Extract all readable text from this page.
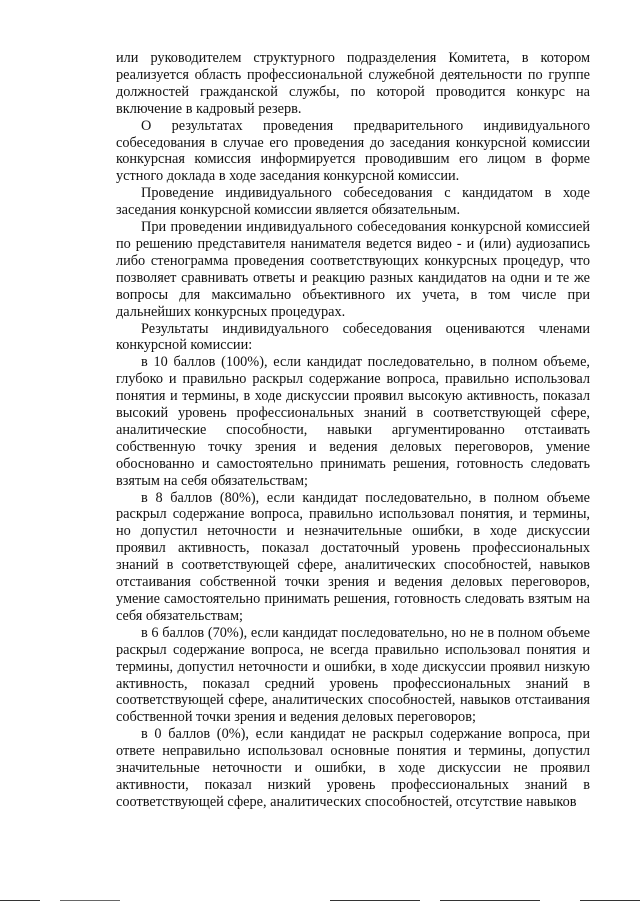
или руководителем структурного подразделения Комитета, в котором реализуется область профессиональной служебной деятельности по группе должностей гражданской службы, по которой проводится конкурс на включение в кадровый резерв.

О результатах проведения предварительного индивидуального собеседования в случае его проведения до заседания конкурсной комиссии конкурсная комиссия информируется проводившим его лицом в форме устного доклада в ходе заседания конкурсной комиссии.

Проведение индивидуального собеседования с кандидатом в ходе заседания конкурсной комиссии является обязательным.

При проведении индивидуального собеседования конкурсной комиссией по решению представителя нанимателя ведется видео - и (или) аудиозапись либо стенограмма проведения соответствующих конкурсных процедур, что позволяет сравнивать ответы и реакцию разных кандидатов на одни и те же вопросы для максимально объективного их учета, в том числе при дальнейших конкурсных процедурах.

Результаты индивидуального собеседования оцениваются членами конкурсной комиссии:

в 10 баллов (100%), если кандидат последовательно, в полном объеме, глубоко и правильно раскрыл содержание вопроса, правильно использовал понятия и термины, в ходе дискуссии проявил высокую активность, показал высокий уровень профессиональных знаний в соответствующей сфере, аналитические способности, навыки аргументированно отстаивать собственную точку зрения и ведения деловых переговоров, умение обоснованно и самостоятельно принимать решения, готовность следовать взятым на себя обязательствам;

в 8 баллов (80%), если кандидат последовательно, в полном объеме раскрыл содержание вопроса, правильно использовал понятия, и термины, но допустил неточности и незначительные ошибки, в ходе дискуссии проявил активность, показал достаточный уровень профессиональных знаний в соответствующей сфере, аналитических способностей, навыков отстаивания собственной точки зрения и ведения деловых переговоров, умение самостоятельно принимать решения, готовность следовать взятым на себя обязательствам;

в 6 баллов (70%), если кандидат последовательно, но не в полном объеме раскрыл содержание вопроса, не всегда правильно использовал понятия и термины, допустил неточности и ошибки, в ходе дискуссии проявил низкую активность, показал средний уровень профессиональных знаний в соответствующей сфере, аналитических способностей, навыков отстаивания собственной точки зрения и ведения деловых переговоров;

в 0 баллов (0%), если кандидат не раскрыл содержание вопроса, при ответе неправильно использовал основные понятия и термины, допустил значительные неточности и ошибки, в ходе дискуссии не проявил активности, показал низкий уровень профессиональных знаний в соответствующей сфере, аналитических способностей, отсутствие навыков
